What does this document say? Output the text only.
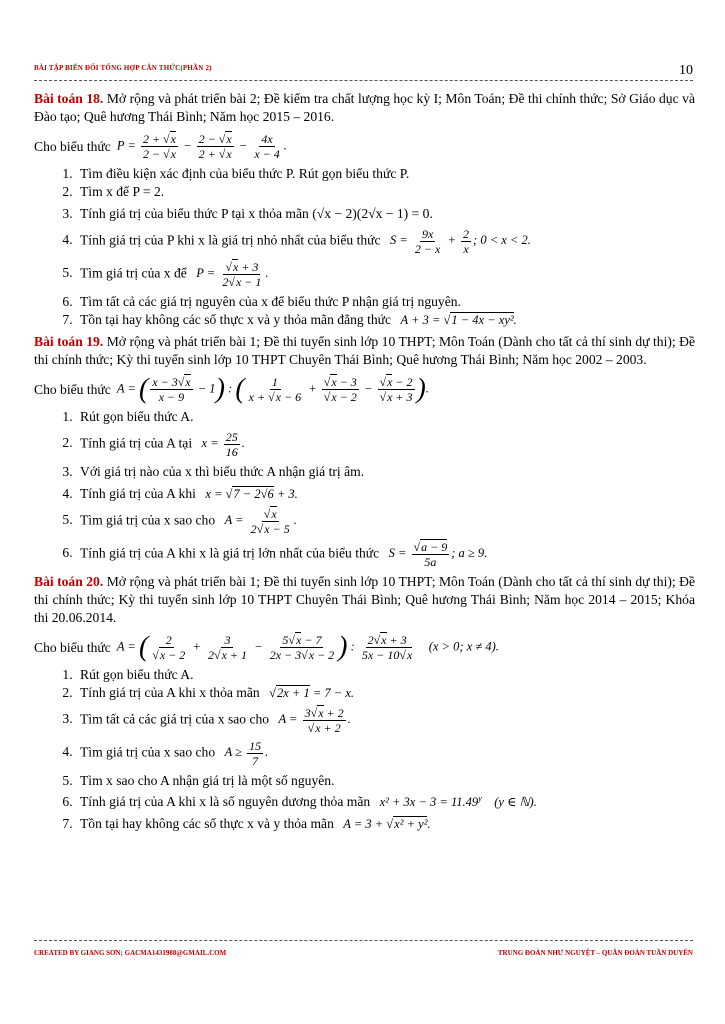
BÀI TẬP BIẾN ĐỔI TỔNG HỢP CĂN THỨC(PHẦN 2)	10

Bài toán 18. Mở rộng và phát triển bài 2; Đề kiểm tra chất lượng học kỳ I; Môn Toán; Đề thi chính thức; Sở Giáo dục và Đào tạo; Quê hương Thái Bình; Năm học 2015 – 2016.

Cho biểu thức $P = \frac{2 + √x}{2 - √x} - \frac{2 - √x}{2 + √x} - \frac{4x}{x - 4}$ .
1. Tìm điều kiện xác định của biểu thức P. Rút gọn biểu thức P.
2. Tìm x để P = 2.
3. Tính giá trị của biểu thức P tại x thỏa mãn (√x − 2)(2√x − 1) = 0.
4. Tính giá trị của P khi x là giá trị nhỏ nhất của biểu thức $S = \frac{9x}{2 - x} + \frac{2}{x}$ ; 0 < x < 2.
5. Tìm giá trị của x để $P = \frac{√x + 3}{2√x - 1}$ .
6. Tìm tất cả các giá trị nguyên của x để biểu thức P nhận giá trị nguyên.
7. Tồn tại hay không các số thực x và y thỏa mãn đẳng thức A + 3 = √1 − 4x − xy².

Bài toán 19. Mở rộng và phát triển bài 1; Đề thi tuyển sinh lớp 10 THPT; Môn Toán (Dành cho tất cả thí sinh dự thi); Đề thi chính thức; Kỳ thi tuyển sinh lớp 10 THPT Chuyên Thái Bình; Quê hương Thái Bình; Năm học 2002 – 2003.

Cho biểu thức A = ( $\frac{x - 3√x}{x - 9} - 1$) : ( $\frac{1}{x + √x - 6} + \frac{√x - 3}{√x - 2} - \frac{√x - 2}{√x + 3}$ ).
1. Rút gọn biểu thức A.
2. Tính giá trị của A tại $x = \frac{25}{16}$ .
3. Với giá trị nào của x thì biểu thức A nhận giá trị âm.
4. Tính giá trị của A khi x = √7 − 2√6 + 3.
5. Tìm giá trị của x sao cho $A = \frac{√x}{2√x - 5}$ .
6. Tính giá trị của A khi x là giá trị lớn nhất của biểu thức $S = \frac{√a - 9}{5a}$ ; a ≥ 9.

Bài toán 20. Mở rộng và phát triển bài 1; Đề thi tuyển sinh lớp 10 THPT; Môn Toán (Dành cho tất cả thí sinh dự thi); Đề thi chính thức; Kỳ thi tuyển sinh lớp 10 THPT Chuyên Thái Bình; Quê hương Thái Bình; Năm học 2014 – 2015; Khóa thi 20.06.2014.

Cho biểu thức A = ( $\frac{2}{√x - 2} + \frac{3}{2√x + 1} - \frac{5√x - 7}{2x - 3√x - 2}$ ) : $\frac{2√x + 3}{5x - 10√x} (x > 0$; x ≠ 4).
1. Rút gọn biểu thức A.
2. Tính giá trị của A khi x thỏa mãn √2x + 1 = 7 − x.
3. Tìm tất cả các giá trị của x sao cho $A = \frac{3√x + 2}{√x + 2}$ .
4. Tìm giá trị của x sao cho $A \ge \frac{15}{7}$ .
5. Tìm x sao cho A nhận giá trị là một số nguyên.
6. Tính giá trị của A khi x là số nguyên dương thỏa mãn $x^2 + 3x - 3 = 11.49^y$    (y ∈ ℕ).
7. Tồn tại hay không các số thực x và y thỏa mãn A = 3 + √x² + y².
CREATED BY GIANG SƠN; GACMA1431988@GMAIL.COM	TRUNG ĐOÀN NHƯ NGUYỆT – QUÂN ĐOÀN TUẦN DUYÊN
